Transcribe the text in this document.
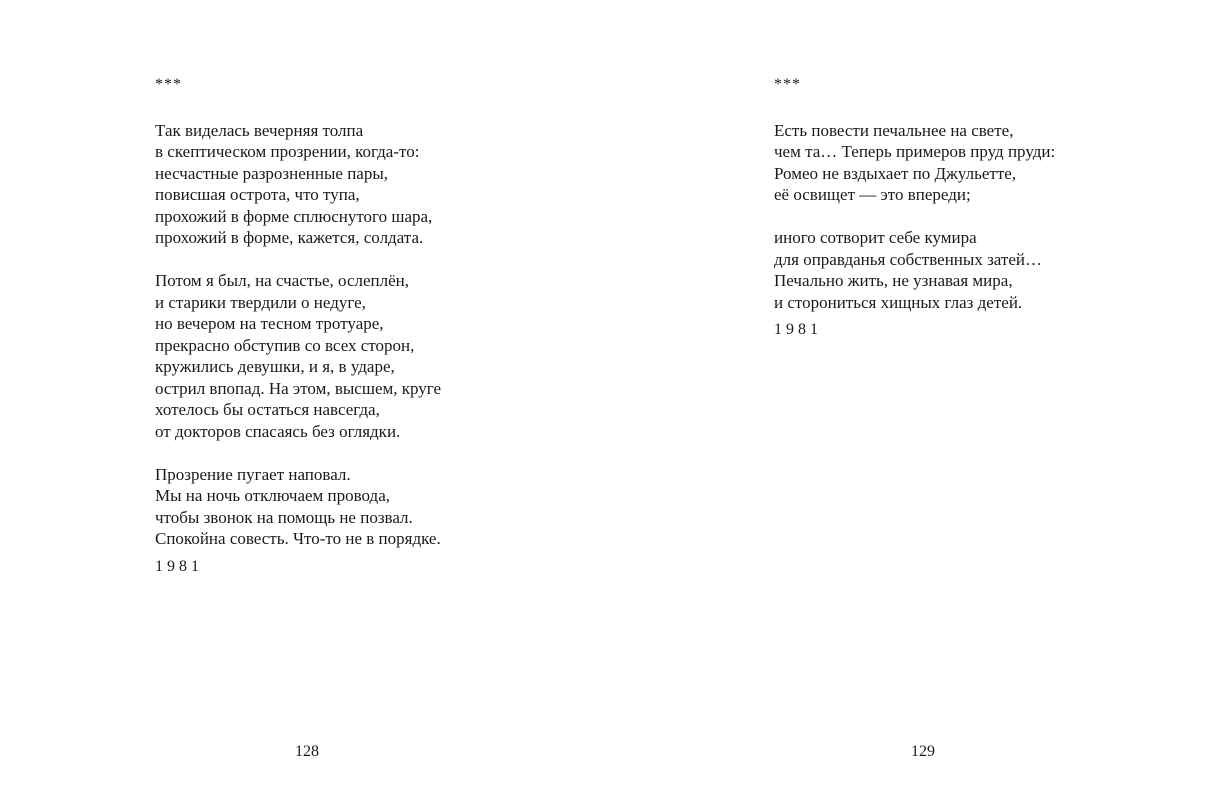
***
Так виделась вечерняя толпа
в скептическом прозрении, когда-то:
несчастные разрозненные пары,
повисшая острота, что тупа,
прохожий в форме сплюснутого шара,
прохожий в форме, кажется, солдата.
Потом я был, на счастье, ослеплён,
и старики твердили о недуге,
но вечером на тесном тротуаре,
прекрасно обступив со всех сторон,
кружились девушки, и я, в ударе,
острил впопад. На этом, высшем, круге
хотелось бы остаться навсегда,
от докторов спасаясь без оглядки.
Прозрение пугает наповал.
Мы на ночь отключаем провода,
чтобы звонок на помощь не позвал.
Спокойна совесть. Что-то не в порядке.
1981
128
***
Есть повести печальнее на свете,
чем та… Теперь примеров пруд пруди:
Ромео не вздыхает по Джульетте,
её освищет — это впереди;
иного сотворит себе кумира
для оправданья собственных затей…
Печально жить, не узнавая мира,
и сторониться хищных глаз детей.
1981
129
